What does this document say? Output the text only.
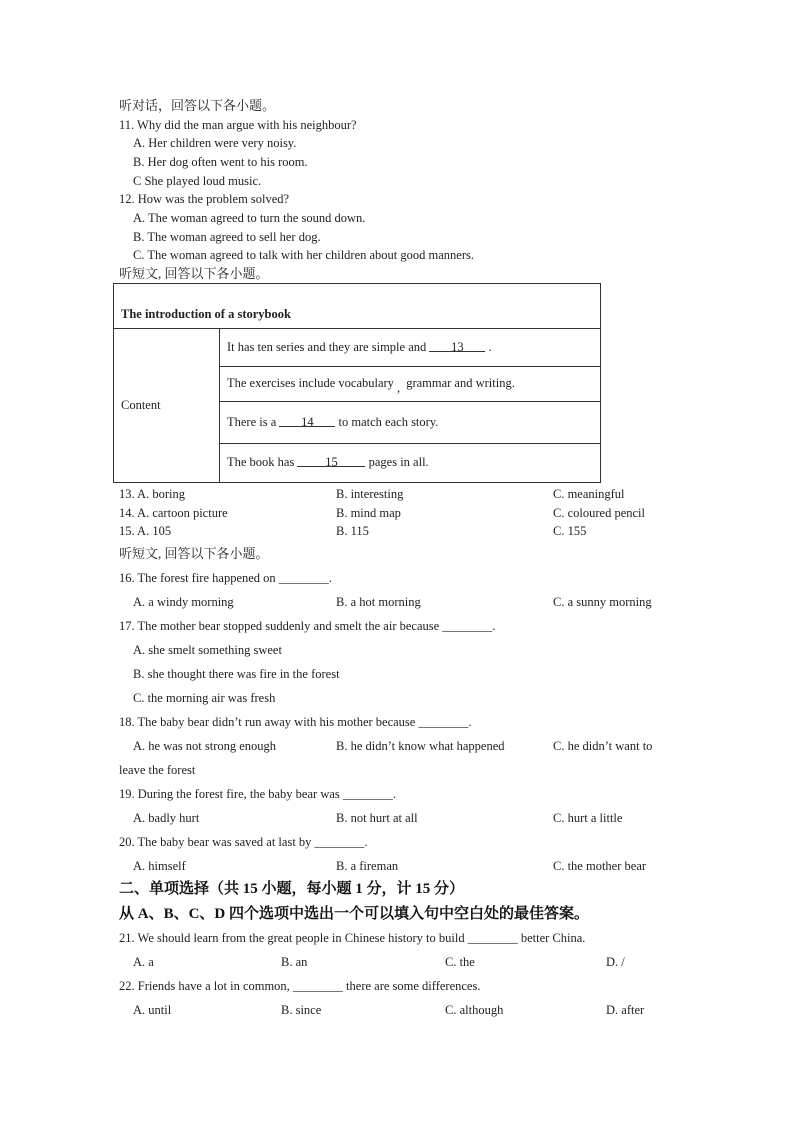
听对话，回答以下各小题。
11. Why did the man argue with his neighbour?
A. Her children were very noisy.
B. Her dog often went to his room.
C She played loud music.
12. How was the problem solved?
A. The woman agreed to turn the sound down.
B. The woman agreed to sell her dog.
C. The woman agreed to talk with her children about good manners.
听短文, 回答以下各小题。
The introduction of a storybook
Content	It has ten series and they are simple and 13 .
The exercises include vocabulary , grammar and writing.
There is a 14 to match each story.
The book has 15 pages in all.
13. A. boring	B. interesting	C. meaningful
14. A. cartoon picture	B. mind map	C. coloured pencil
15. A. 105	B. 115	C. 155
听短文, 回答以下各小题。
16. The forest fire happened on ________.
A. a windy morning	B. a hot morning	C. a sunny morning
17. The mother bear stopped suddenly and smelt the air because ________.
A. she smelt something sweet
B. she thought there was fire in the forest
C. the morning air was fresh
18. The baby bear didn’t run away with his mother because ________.
A. he was not strong enough	B. he didn’t know what happened	C. he didn’t want to
leave the forest
19. During the forest fire, the baby bear was ________.
A. badly hurt	B. not hurt at all	C. hurt a little
20. The baby bear was saved at last by ________.
A. himself	B. a fireman	C. the mother bear
二、单项选择（共 15 小题，每小题 1 分，计 15 分）
从 A、B、C、D 四个选项中选出一个可以填入句中空白处的最佳答案。
21. We should learn from the great people in Chinese history to build ________ better China.
A. a	B. an	C. the	D. /
22. Friends have a lot in common, ________ there are some differences.
A. until	B. since	C. although	D. after
